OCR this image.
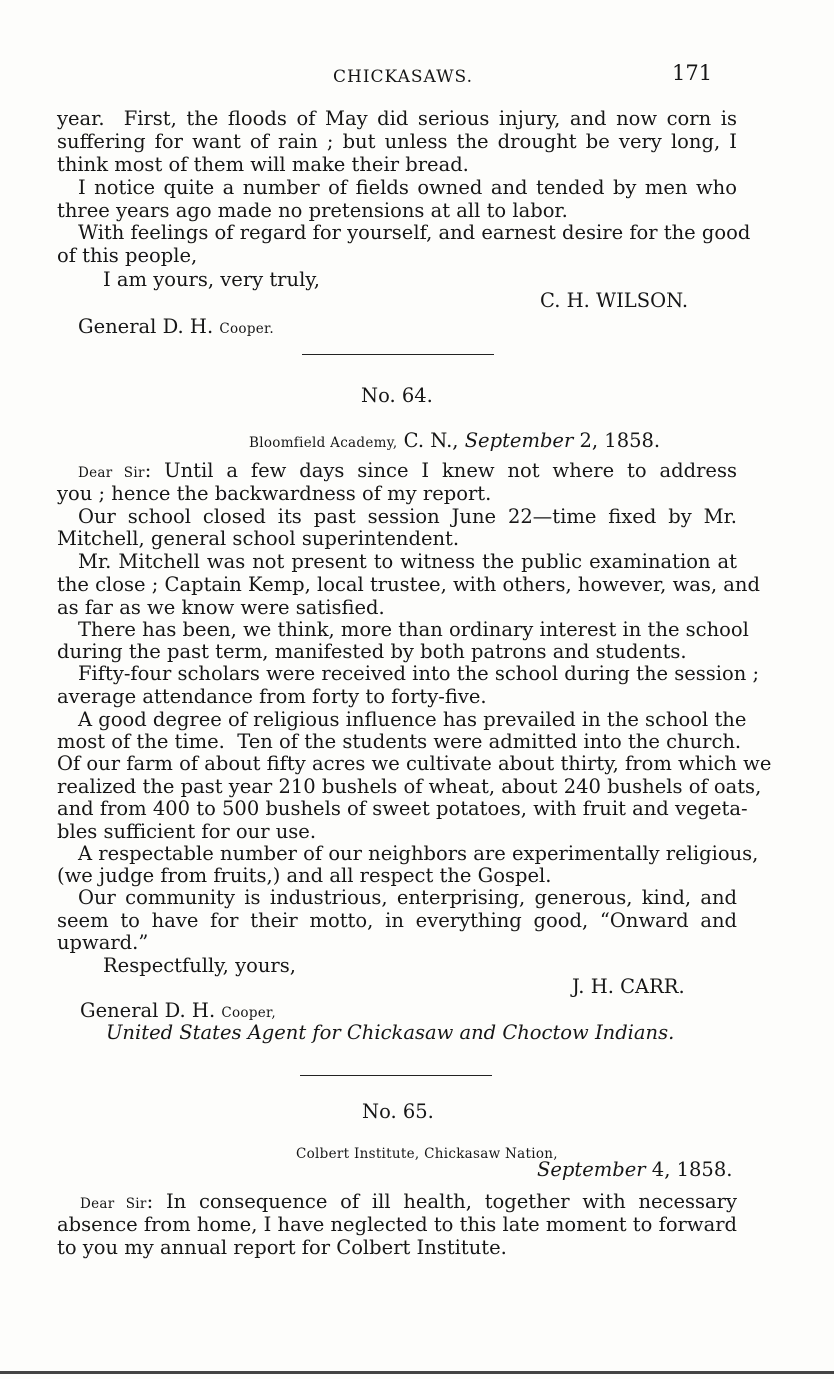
CHICKASAWS.	171
year.  First, the floods of May did serious injury, and now corn is
suffering for want of rain ; but unless the drought be very long, I
think most of them will make their bread.
I notice quite a number of fields owned and tended by men who
three years ago made no pretensions at all to labor.
With feelings of regard for yourself, and earnest desire for the good
of this people,
I am yours, very truly,
C. H. WILSON.
General D. H. Cooper.
No. 64.
Bloomfield Academy, C. N., September 2, 1858.
Dear Sir: Until a few days since I knew not where to address
you ; hence the backwardness of my report.
Our school closed its past session June 22—time fixed by Mr.
Mitchell, general school superintendent.
Mr. Mitchell was not present to witness the public examination at
the close ; Captain Kemp, local trustee, with others, however, was, and
as far as we know were satisfied.
There has been, we think, more than ordinary interest in the school
during the past term, manifested by both patrons and students.
Fifty-four scholars were received into the school during the session ;
average attendance from forty to forty-five.
A good degree of religious influence has prevailed in the school the
most of the time.  Ten of the students were admitted into the church.
Of our farm of about fifty acres we cultivate about thirty, from which we
realized the past year 210 bushels of wheat, about 240 bushels of oats,
and from 400 to 500 bushels of sweet potatoes, with fruit and vegeta-
bles sufficient for our use.
A respectable number of our neighbors are experimentally religious,
(we judge from fruits,) and all respect the Gospel.
Our community is industrious, enterprising, generous, kind, and
seem to have for their motto, in everything good, “Onward and
upward.”
Respectfully, yours,
J. H. CARR.
General D. H. Cooper,
United States Agent for Chickasaw and Choctow Indians.
No. 65.
Colbert Institute, Chickasaw Nation,
September 4, 1858.
Dear Sir: In consequence of ill health, together with necessary
absence from home, I have neglected to this late moment to forward
to you my annual report for Colbert Institute.
